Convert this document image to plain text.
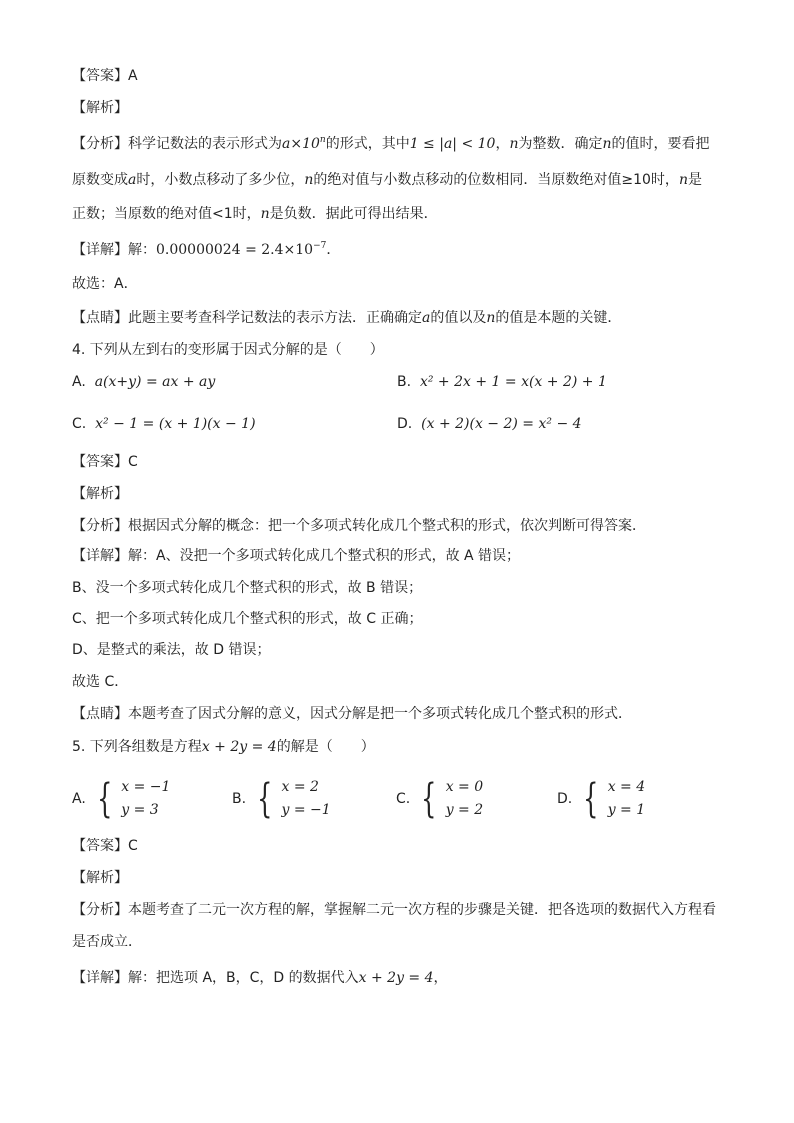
【答案】A
【解析】
【分析】科学记数法的表示形式为$a\times 10^n$的形式，其中1 ≤ |a| < 10，n为整数．确定n的值时，要看把
原数变成a时，小数点移动了多少位，n的绝对值与小数点移动的位数相同．当原数绝对值≥10时，n是
正数；当原数的绝对值<1时，n是负数．据此可得出结果．
【详解】解：$0.00000024 = 2.4\times 10^{-7}$．
故选：A．
【点睛】此题主要考查科学记数法的表示方法．正确确定a的值以及n的值是本题的关键．
4. 下列从左到右的变形属于因式分解的是（　　）
A. a(x+y) = ax + ay	B. x² + 2x + 1 = x(x + 2) + 1
C. x² − 1 = (x + 1)(x − 1)	D. (x + 2)(x − 2) = x² − 4
【答案】C
【解析】
【分析】根据因式分解的概念：把一个多项式转化成几个整式积的形式，依次判断可得答案．
【详解】解：A、没把一个多项式转化成几个整式积的形式，故 A 错误；
B、没一个多项式转化成几个整式积的形式，故 B 错误；
C、把一个多项式转化成几个整式积的形式，故 C 正确；
D、是整式的乘法，故 D 错误；
故选 C．
【点睛】本题考查了因式分解的意义，因式分解是把一个多项式转化成几个整式积的形式．
5. 下列各组数是方程x + 2y = 4的解是（　　）
A. { x = −1
y = 3
B. { x = 2
y = −1
C. { x = 0
y = 2
D. { x = 4
y = 1
【答案】C
【解析】
【分析】本题考查了二元一次方程的解，掌握解二元一次方程的步骤是关键．把各选项的数据代入方程看
是否成立．
【详解】解：把选项 A，B，C，D 的数据代入x + 2y = 4，
